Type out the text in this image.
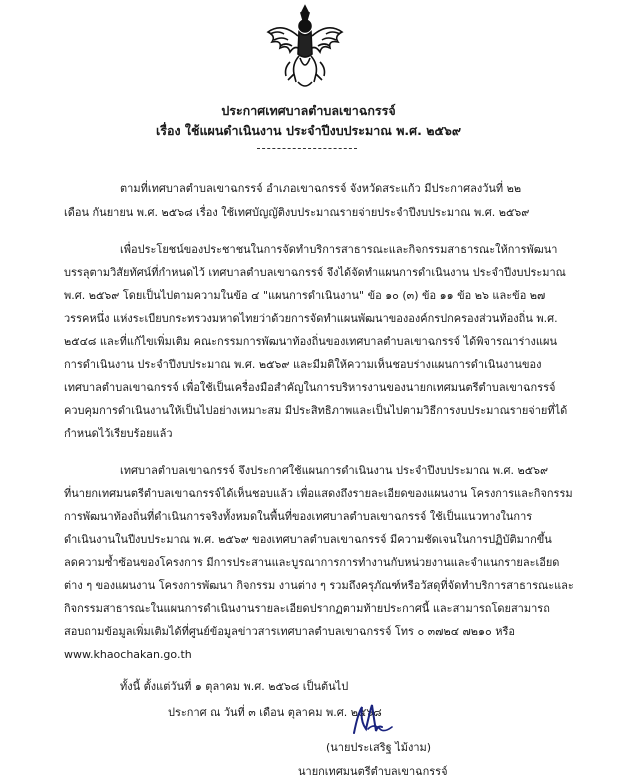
ประกาศเทศบาลตำบลเขาฉกรรจ์
เรื่อง ใช้แผนดำเนินงาน ประจำปีงบประมาณ พ.ศ. ๒๕๖๙
ตามที่เทศบาลตำบลเขาฉกรรจ์ อำเภอเขาฉกรรจ์ จังหวัดสระแก้ว มีประกาศลงวันที่ ๒๒
เดือน กันยายน พ.ศ. ๒๕๖๘ เรื่อง ใช้เทศบัญญัติงบประมาณรายจ่ายประจำปีงบประมาณ พ.ศ. ๒๕๖๙
เพื่อประโยชน์ของประชาชนในการจัดทำบริการสาธารณะและกิจกรรมสาธารณะให้การพัฒนา
บรรลุตามวิสัยทัศน์ที่กำหนดไว้ เทศบาลตำบลเขาฉกรรจ์ จึงได้จัดทำแผนการดำเนินงาน ประจำปีงบประมาณ
พ.ศ. ๒๕๖๙ โดยเป็นไปตามความในข้อ ๔ "แผนการดำเนินงาน" ข้อ ๑๐ (๓) ข้อ ๑๑ ข้อ ๒๖ และข้อ ๒๗
วรรคหนึ่ง แห่งระเบียบกระทรวงมหาดไทยว่าด้วยการจัดทำแผนพัฒนาขององค์กรปกครองส่วนท้องถิ่น พ.ศ.
๒๕๔๘ และที่แก้ไขเพิ่มเติม คณะกรรมการพัฒนาท้องถิ่นของเทศบาลตำบลเขาฉกรรจ์ ได้พิจารณาร่างแผน
การดำเนินงาน ประจำปีงบประมาณ พ.ศ. ๒๕๖๙ และมีมติให้ความเห็นชอบร่างแผนการดำเนินงานของ
เทศบาลตำบลเขาฉกรรจ์ เพื่อใช้เป็นเครื่องมือสำคัญในการบริหารงานของนายกเทศมนตรีตำบลเขาฉกรรจ์
ควบคุมการดำเนินงานให้เป็นไปอย่างเหมาะสม มีประสิทธิภาพและเป็นไปตามวิธีการงบประมาณรายจ่ายที่ได้
กำหนดไว้เรียบร้อยแล้ว
เทศบาลตำบลเขาฉกรรจ์ จึงประกาศใช้แผนการดำเนินงาน ประจำปีงบประมาณ พ.ศ. ๒๕๖๙
ที่นายกเทศมนตรีตำบลเขาฉกรรจ์ได้เห็นชอบแล้ว เพื่อแสดงถึงรายละเอียดของแผนงาน โครงการและกิจกรรม
การพัฒนาท้องถิ่นที่ดำเนินการจริงทั้งหมดในพื้นที่ของเทศบาลตำบลเขาฉกรรจ์ ใช้เป็นแนวทางในการ
ดำเนินงานในปีงบประมาณ พ.ศ. ๒๕๖๙ ของเทศบาลตำบลเขาฉกรรจ์ มีความชัดเจนในการปฏิบัติมากขึ้น
ลดความซ้ำซ้อนของโครงการ มีการประสานและบูรณาการการทำงานกับหน่วยงานและจำแนกรายละเอียด
ต่าง ๆ ของแผนงาน โครงการพัฒนา กิจกรรม งานต่าง ๆ รวมถึงครุภัณฑ์หรือวัสดุที่จัดทำบริการสาธารณะและ
กิจกรรมสาธารณะในแผนการดำเนินงานรายละเอียดปรากฏตามท้ายประกาศนี้ และสามารถโดยสามารถ
สอบถามข้อมูลเพิ่มเติมได้ที่ศูนย์ข้อมูลข่าวสารเทศบาลตำบลเขาฉกรรจ์ โทร ๐ ๓๗๒๔ ๗๒๑๐ หรือ
www.khaochakan.go.th
ทั้งนี้ ตั้งแต่วันที่ ๑ ตุลาคม พ.ศ. ๒๕๖๘ เป็นต้นไป
ประกาศ ณ วันที่ ๓ เดือน ตุลาคม พ.ศ. ๒๕๖๘
(นายประเสริฐ ไม้งาม)
นายกเทศมนตรีตำบลเขาฉกรรจ์
